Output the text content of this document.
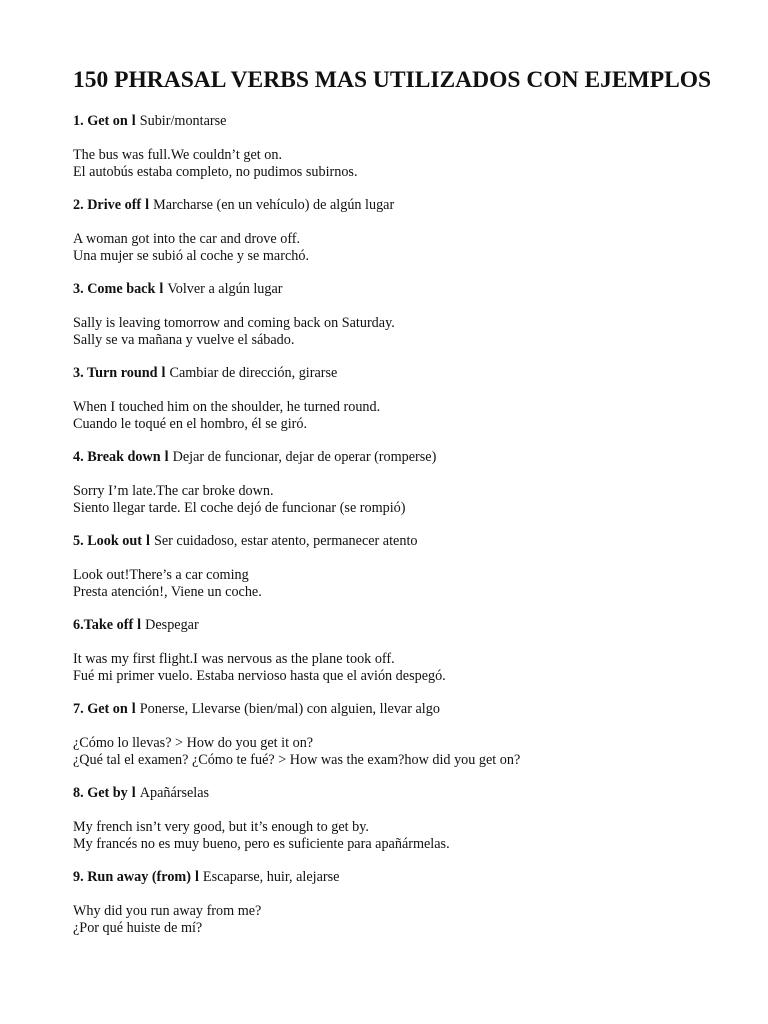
150 PHRASAL VERBS MAS UTILIZADOS CON EJEMPLOS
1. Get on l Subir/montarse
The bus was full.We couldn’t get on.
El autobús estaba completo, no pudimos subirnos.
2. Drive off l Marcharse (en un vehículo) de algún lugar
A woman got into the car and drove off.
Una mujer se subió al coche y se marchó.
3. Come back l Volver a algún lugar
Sally is leaving tomorrow and coming back on Saturday.
Sally se va mañana y vuelve el sábado.
3. Turn round l Cambiar de dirección, girarse
When I touched him on the shoulder, he turned round.
Cuando le toqué en el hombro, él se giró.
4. Break down l Dejar de funcionar, dejar de operar (romperse)
Sorry I’m late.The car broke down.
Siento llegar tarde. El coche dejó de funcionar (se rompió)
5. Look out l Ser cuidadoso, estar atento, permanecer atento
Look out!There’s a car coming
Presta atención!, Viene un coche.
6.Take off l Despegar
It was my first flight.I was nervous as the plane took off.
Fué mi primer vuelo. Estaba nervioso hasta que el avión despegó.
7. Get on l Ponerse, Llevarse (bien/mal) con alguien, llevar algo
¿Cómo lo llevas? > How do you get it on?
¿Qué tal el examen? ¿Cómo te fué? > How was the exam?how did you get on?
8. Get by l Apañárselas
My french isn’t very good, but it’s enough to get by.
My francés no es muy bueno, pero es suficiente para apañármelas.
9. Run away (from) l Escaparse, huir, alejarse
Why did you run away from me?
¿Por qué huiste de mí?
